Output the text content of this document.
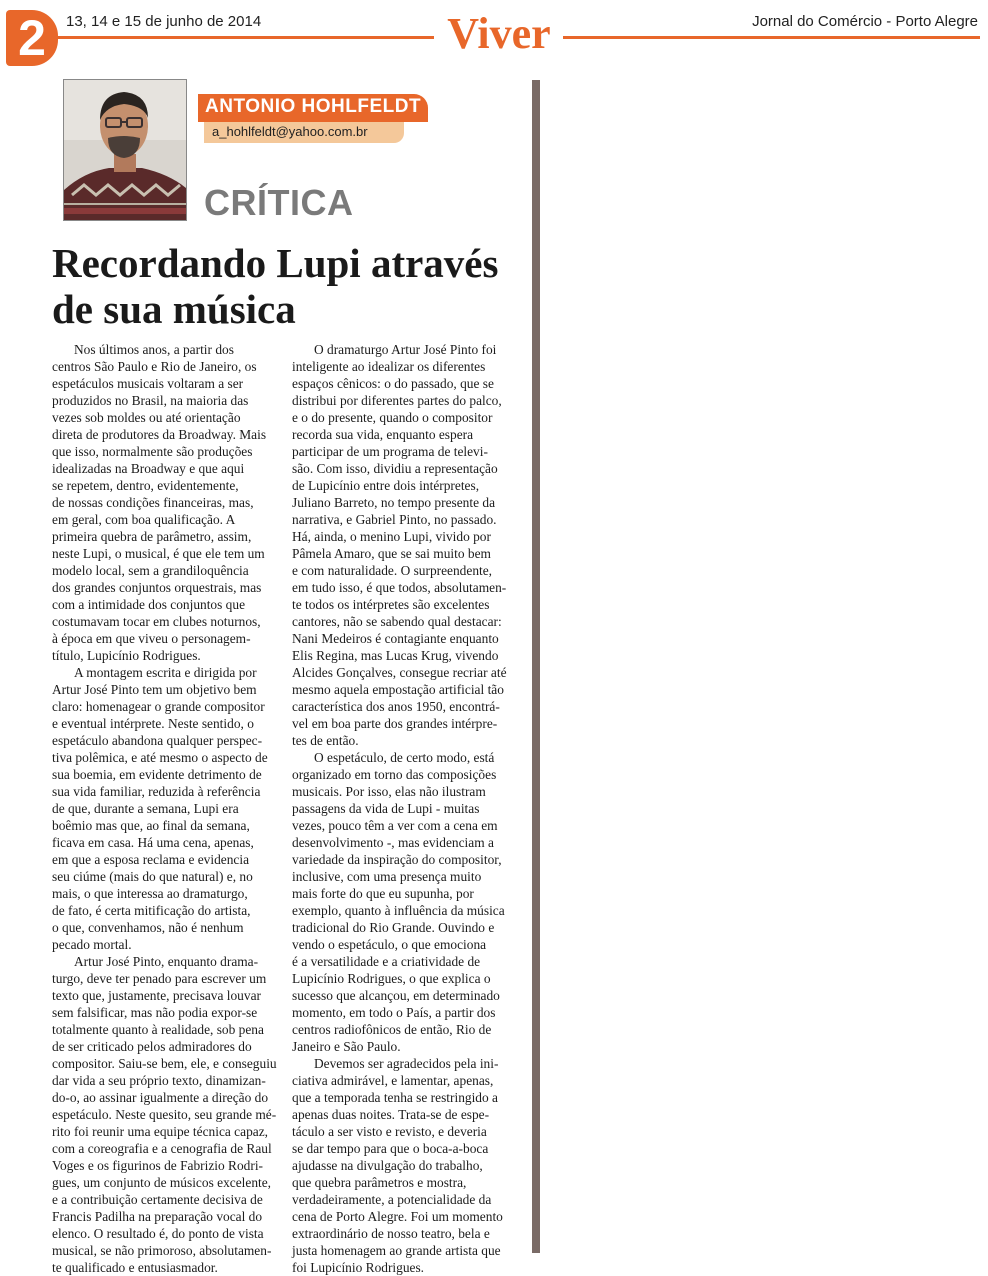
2	13, 14 e 15 de junho de 2014	Viver	Jornal do Comércio - Porto Alegre
ANTONIO HOHLFELDT
a_hohlfeldt@yahoo.com.br
CRÍTICA
Recordando Lupi através de sua música
Nos últimos anos, a partir dos
centros São Paulo e Rio de Janeiro, os
espetáculos musicais voltaram a ser
produzidos no Brasil, na maioria das
vezes sob moldes ou até orientação
direta de produtores da Broadway. Mais
que isso, normalmente são produções
idealizadas na Broadway e que aqui
se repetem, dentro, evidentemente,
de nossas condições financeiras, mas,
em geral, com boa qualificação. A
primeira quebra de parâmetro, assim,
neste Lupi, o musical, é que ele tem um
modelo local, sem a grandiloquência
dos grandes conjuntos orquestrais, mas
com a intimidade dos conjuntos que
costumavam tocar em clubes noturnos,
à época em que viveu o personagem-
título, Lupicínio Rodrigues.
A montagem escrita e dirigida por
Artur José Pinto tem um objetivo bem
claro: homenagear o grande compositor
e eventual intérprete. Neste sentido, o
espetáculo abandona qualquer perspec-
tiva polêmica, e até mesmo o aspecto de
sua boemia, em evidente detrimento de
sua vida familiar, reduzida à referência
de que, durante a semana, Lupi era
boêmio mas que, ao final da semana,
ficava em casa. Há uma cena, apenas,
em que a esposa reclama e evidencia
seu ciúme (mais do que natural) e, no
mais, o que interessa ao dramaturgo,
de fato, é certa mitificação do artista,
o que, convenhamos, não é nenhum
pecado mortal.
Artur José Pinto, enquanto drama-
turgo, deve ter penado para escrever um
texto que, justamente, precisava louvar
sem falsificar, mas não podia expor-se
totalmente quanto à realidade, sob pena
de ser criticado pelos admiradores do
compositor. Saiu-se bem, ele, e conseguiu
dar vida a seu próprio texto, dinamizan-
do-o, ao assinar igualmente a direção do
espetáculo. Neste quesito, seu grande mé-
rito foi reunir uma equipe técnica capaz,
com a coreografia e a cenografia de Raul
Voges e os figurinos de Fabrizio Rodri-
gues, um conjunto de músicos excelente,
e a contribuição certamente decisiva de
Francis Padilha na preparação vocal do
elenco. O resultado é, do ponto de vista
musical, se não primoroso, absolutamen-
te qualificado e entusiasmador.
O dramaturgo Artur José Pinto foi
inteligente ao idealizar os diferentes
espaços cênicos: o do passado, que se
distribui por diferentes partes do palco,
e o do presente, quando o compositor
recorda sua vida, enquanto espera
participar de um programa de televi-
são. Com isso, dividiu a representação
de Lupicínio entre dois intérpretes,
Juliano Barreto, no tempo presente da
narrativa, e Gabriel Pinto, no passado.
Há, ainda, o menino Lupi, vivido por
Pâmela Amaro, que se sai muito bem
e com naturalidade. O surpreendente,
em tudo isso, é que todos, absolutamen-
te todos os intérpretes são excelentes
cantores, não se sabendo qual destacar:
Nani Medeiros é contagiante enquanto
Elis Regina, mas Lucas Krug, vivendo
Alcides Gonçalves, consegue recriar até
mesmo aquela empostação artificial tão
característica dos anos 1950, encontrá-
vel em boa parte dos grandes intérpre-
tes de então.
O espetáculo, de certo modo, está
organizado em torno das composições
musicais. Por isso, elas não ilustram
passagens da vida de Lupi - muitas
vezes, pouco têm a ver com a cena em
desenvolvimento -, mas evidenciam a
variedade da inspiração do compositor,
inclusive, com uma presença muito
mais forte do que eu supunha, por
exemplo, quanto à influência da música
tradicional do Rio Grande. Ouvindo e
vendo o espetáculo, o que emociona
é a versatilidade e a criatividade de
Lupicínio Rodrigues, o que explica o
sucesso que alcançou, em determinado
momento, em todo o País, a partir dos
centros radiofônicos de então, Rio de
Janeiro e São Paulo.
Devemos ser agradecidos pela ini-
ciativa admirável, e lamentar, apenas,
que a temporada tenha se restringido a
apenas duas noites. Trata-se de espe-
táculo a ser visto e revisto, e deveria
se dar tempo para que o boca-a-boca
ajudasse na divulgação do trabalho,
que quebra parâmetros e mostra,
verdadeiramente, a potencialidade da
cena de Porto Alegre. Foi um momento
extraordinário de nosso teatro, bela e
justa homenagem ao grande artista que
foi Lupicínio Rodrigues.
